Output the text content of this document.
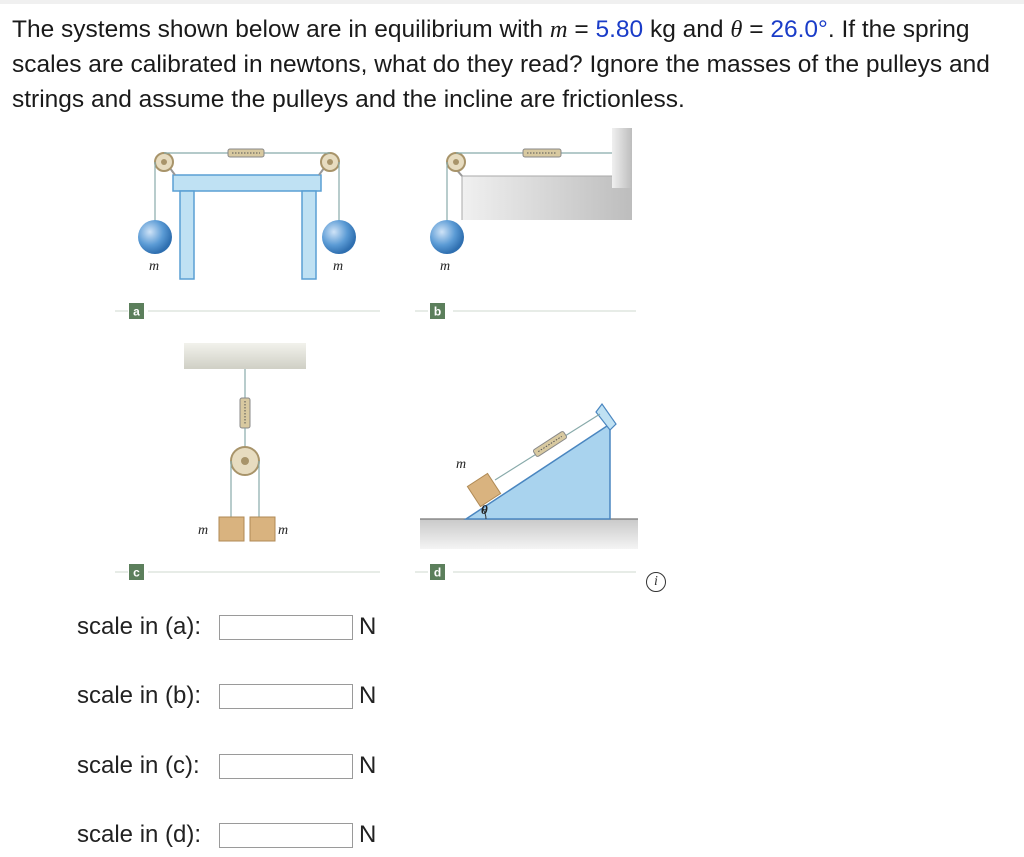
The systems shown below are in equilibrium with m = 5.80 kg and θ = 26.0°. If the spring scales are calibrated in newtons, what do they read? Ignore the masses of the pulleys and strings and assume the pulleys and the incline are frictionless.
m	m
a
m
b
m	m
c
m
θ
d
i
scale in (a):	N
scale in (b):	N
scale in (c):	N
scale in (d):	N
